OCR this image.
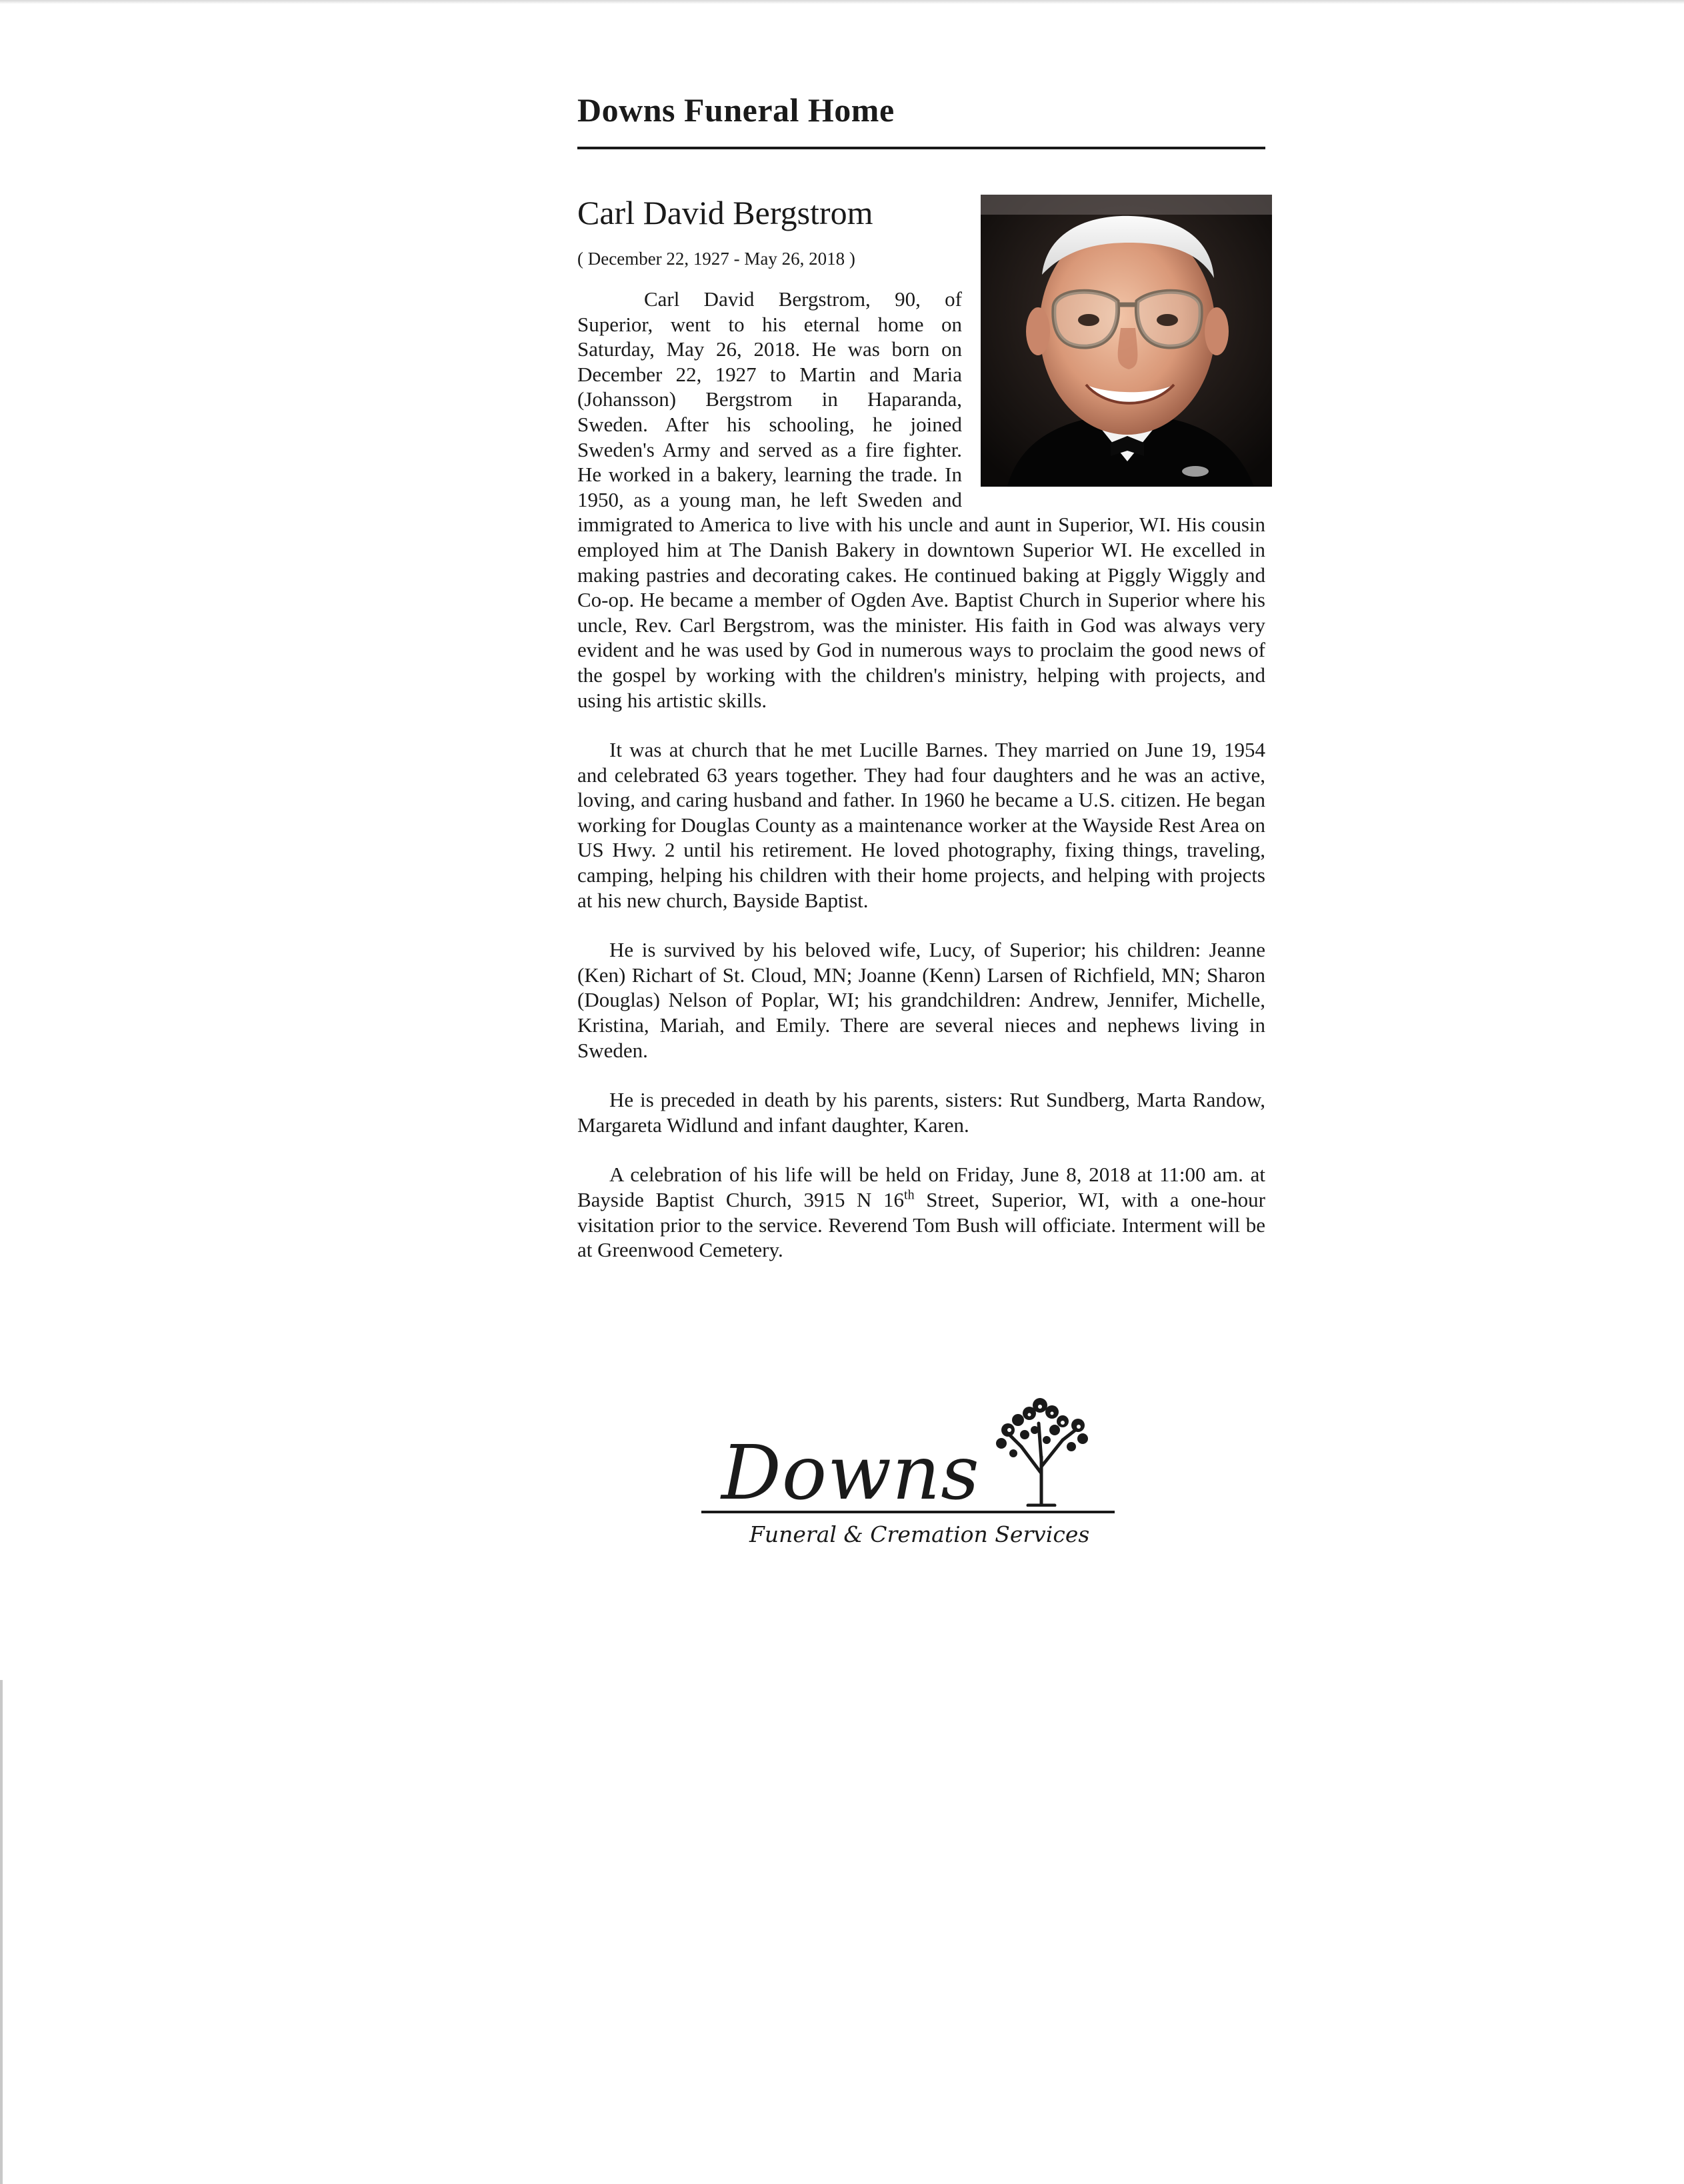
Downs Funeral Home
Carl David Bergstrom
( December 22, 1927 - May 26, 2018 )

Carl David Bergstrom, 90, of Superior, went to his eternal home on Saturday, May 26, 2018. He was born on December 22, 1927 to Martin and Maria (Johansson) Bergstrom in Haparanda, Sweden. After his schooling, he joined Sweden's Army and served as a fire fighter. He worked in a bakery, learning the trade. In 1950, as a young man, he left Sweden and immigrated to America to live with his uncle and aunt in Superior, WI. His cousin employed him at The Danish Bakery in downtown Superior WI. He excelled in making pastries and decorating cakes. He continued baking at Piggly Wiggly and Co-op. He became a member of Ogden Ave. Baptist Church in Superior where his uncle, Rev. Carl Bergstrom, was the minister. His faith in God was always very evident and he was used by God in numerous ways to proclaim the good news of the gospel by working with the children's ministry, helping with projects, and using his artistic skills.

It was at church that he met Lucille Barnes. They married on June 19, 1954 and celebrated 63 years together. They had four daughters and he was an active, loving, and caring husband and father. In 1960 he became a U.S. citizen. He began working for Douglas County as a maintenance worker at the Wayside Rest Area on US Hwy. 2 until his retirement. He loved photography, fixing things, traveling, camping, helping his children with their home projects, and helping with projects at his new church, Bayside Baptist.

He is survived by his beloved wife, Lucy, of Superior; his children: Jeanne (Ken) Richart of St. Cloud, MN; Joanne (Kenn) Larsen of Richfield, MN; Sharon (Douglas) Nelson of Poplar, WI; his grandchildren: Andrew, Jennifer, Michelle, Kristina, Mariah, and Emily. There are several nieces and nephews living in Sweden.

He is preceded in death by his parents, sisters: Rut Sundberg, Marta Randow, Margareta Widlund and infant daughter, Karen.

A celebration of his life will be held on Friday, June 8, 2018 at 11:00 am. at Bayside Baptist Church, 3915 N 16th Street, Superior, WI, with a one-hour visitation prior to the service. Reverend Tom Bush will officiate. Interment will be at Greenwood Cemetery.

Downs
Funeral & Cremation Services
